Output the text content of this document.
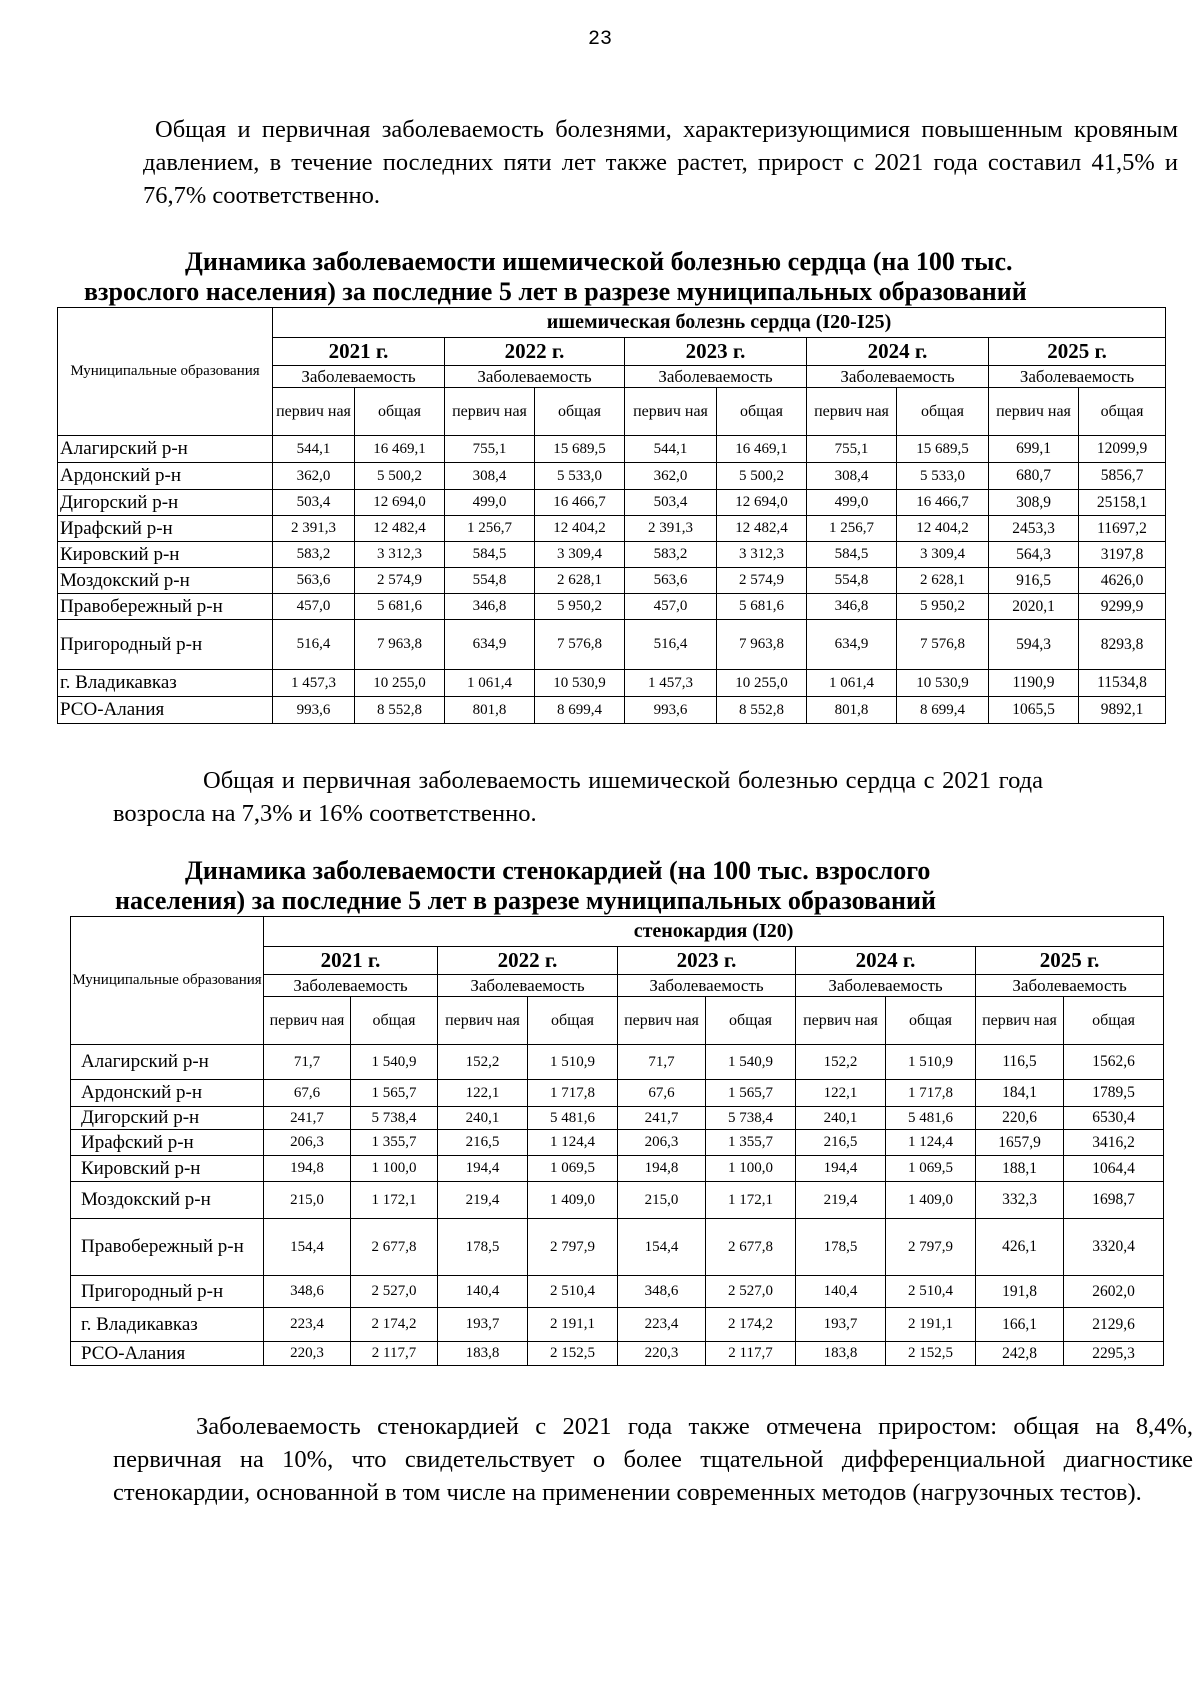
23

Общая и первичная заболеваемость болезнями, характеризующимися повышенным кровяным давлением, в течение последних пяти лет также растет, прирост с 2021 года составил 41,5% и 76,7% соответственно.

Динамика заболеваемости ишемической болезнью сердца (на 100 тыс.
взрослого населения) за последние 5 лет в разрезе муниципальных образований
Муниципальные образования	ишемическая болезнь сердца (I20-I25)									
	2021 г.		2022 г.		2023 г.		2024 г.		2025 г.	
	Заболеваемость		Заболеваемость		Заболеваемость		Заболеваемость		Заболеваемость	
	первич ная	общая	первич ная	общая	первич ная	общая	первич ная	общая	первич ная	общая
Алагирский р-н	544,1	16 469,1	755,1	15 689,5	544,1	16 469,1	755,1	15 689,5	699,1	12099,9
Ардонский р-н	362,0	5 500,2	308,4	5 533,0	362,0	5 500,2	308,4	5 533,0	680,7	5856,7
Дигорский р-н	503,4	12 694,0	499,0	16 466,7	503,4	12 694,0	499,0	16 466,7	308,9	25158,1
Ирафский р-н	2 391,3	12 482,4	1 256,7	12 404,2	2 391,3	12 482,4	1 256,7	12 404,2	2453,3	11697,2
Кировский р-н	583,2	3 312,3	584,5	3 309,4	583,2	3 312,3	584,5	3 309,4	564,3	3197,8
Моздокский р-н	563,6	2 574,9	554,8	2 628,1	563,6	2 574,9	554,8	2 628,1	916,5	4626,0
Правобережный р-н	457,0	5 681,6	346,8	5 950,2	457,0	5 681,6	346,8	5 950,2	2020,1	9299,9
Пригородный р-н	516,4	7 963,8	634,9	7 576,8	516,4	7 963,8	634,9	7 576,8	594,3	8293,8
г. Владикавказ	1 457,3	10 255,0	1 061,4	10 530,9	1 457,3	10 255,0	1 061,4	10 530,9	1190,9	11534,8
РСО-Алания	993,6	8 552,8	801,8	8 699,4	993,6	8 552,8	801,8	8 699,4	1065,5	9892,1

Общая и первичная заболеваемость ишемической болезнью сердца с 2021 года возросла на 7,3% и 16% соответственно.

Динамика заболеваемости стенокардией (на 100 тыс. взрослого
населения) за последние 5 лет в разрезе муниципальных образований
Муниципальные образования	стенокардия (I20)									
	2021 г.		2022 г.		2023 г.		2024 г.		2025 г.	
	Заболеваемость		Заболеваемость		Заболеваемость		Заболеваемость		Заболеваемость	
	первич ная	общая	первич ная	общая	первич ная	общая	первич ная	общая	первич ная	общая
Алагирский р-н	71,7	1 540,9	152,2	1 510,9	71,7	1 540,9	152,2	1 510,9	116,5	1562,6
Ардонский р-н	67,6	1 565,7	122,1	1 717,8	67,6	1 565,7	122,1	1 717,8	184,1	1789,5
Дигорский р-н	241,7	5 738,4	240,1	5 481,6	241,7	5 738,4	240,1	5 481,6	220,6	6530,4
Ирафский р-н	206,3	1 355,7	216,5	1 124,4	206,3	1 355,7	216,5	1 124,4	1657,9	3416,2
Кировский р-н	194,8	1 100,0	194,4	1 069,5	194,8	1 100,0	194,4	1 069,5	188,1	1064,4
Моздокский р-н	215,0	1 172,1	219,4	1 409,0	215,0	1 172,1	219,4	1 409,0	332,3	1698,7
Правобережный р-н	154,4	2 677,8	178,5	2 797,9	154,4	2 677,8	178,5	2 797,9	426,1	3320,4
Пригородный р-н	348,6	2 527,0	140,4	2 510,4	348,6	2 527,0	140,4	2 510,4	191,8	2602,0
г. Владикавказ	223,4	2 174,2	193,7	2 191,1	223,4	2 174,2	193,7	2 191,1	166,1	2129,6
РСО-Алания	220,3	2 117,7	183,8	2 152,5	220,3	2 117,7	183,8	2 152,5	242,8	2295,3

Заболеваемость стенокардией с 2021 года также отмечена приростом: общая на 8,4%, первичная на 10%, что свидетельствует о более тщательной дифференциальной диагностике стенокардии, основанной в том числе на применении современных методов (нагрузочных тестов).
